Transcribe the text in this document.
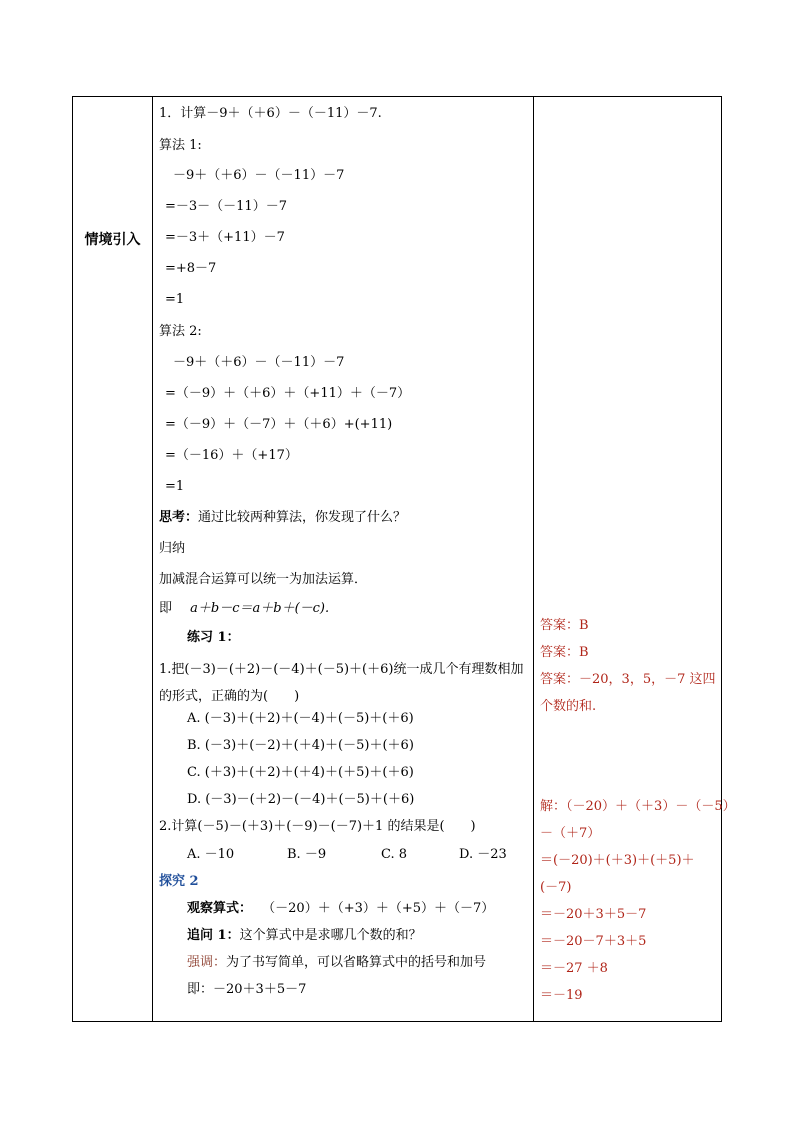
情境引入
1．计算－9＋（＋6）－（－11）－7.
算法 1:
－9＋（＋6）－（－11）－7
=－3－（－11）－7
=－3＋（+11）－7
=+8－7
=1
算法 2:
－9＋（＋6）－（－11）－7
=（－9）＋（＋6）＋（+11）＋（－7）
=（－9）＋（－7）＋（＋6）+(+11)
=（－16）＋（+17）
=1
思考：通过比较两种算法，你发现了什么？
归纳
加减混合运算可以统一为加法运算．
即 a＋b－c＝a＋b＋(－c).
练习 1：
1.把(－3)－(＋2)－(－4)＋(－5)＋(＋6)统一成几个有理数相加的形式，正确的为(　　)
A. (－3)＋(＋2)＋(－4)＋(－5)＋(＋6)
B. (－3)＋(－2)＋(＋4)＋(－5)＋(＋6)
C. (＋3)＋(＋2)＋(＋4)＋(＋5)＋(＋6)
D. (－3)－(＋2)－(－4)＋(－5)＋(＋6)
2.计算(－5)－(＋3)＋(－9)－(－7)＋1 的结果是(　　)
A. －10	B. －9	C. 8	D. －23
探究 2
观察算式： （－20）＋（+3）＋（+5）＋（－7）
追问 1：这个算式中是求哪几个数的和？
强调：为了书写简单，可以省略算式中的括号和加号
即：－20＋3＋5－7
答案：B
答案：B
答案：－20，3，5，－7 这四
个数的和.
解：（－20）＋（＋3）－（－5）
－（＋7）
＝(－20)＋(＋3)＋(＋5)＋
(－7)
＝－20＋3＋5－7
＝－20－7＋3＋5
＝－27 ＋8
＝－19
